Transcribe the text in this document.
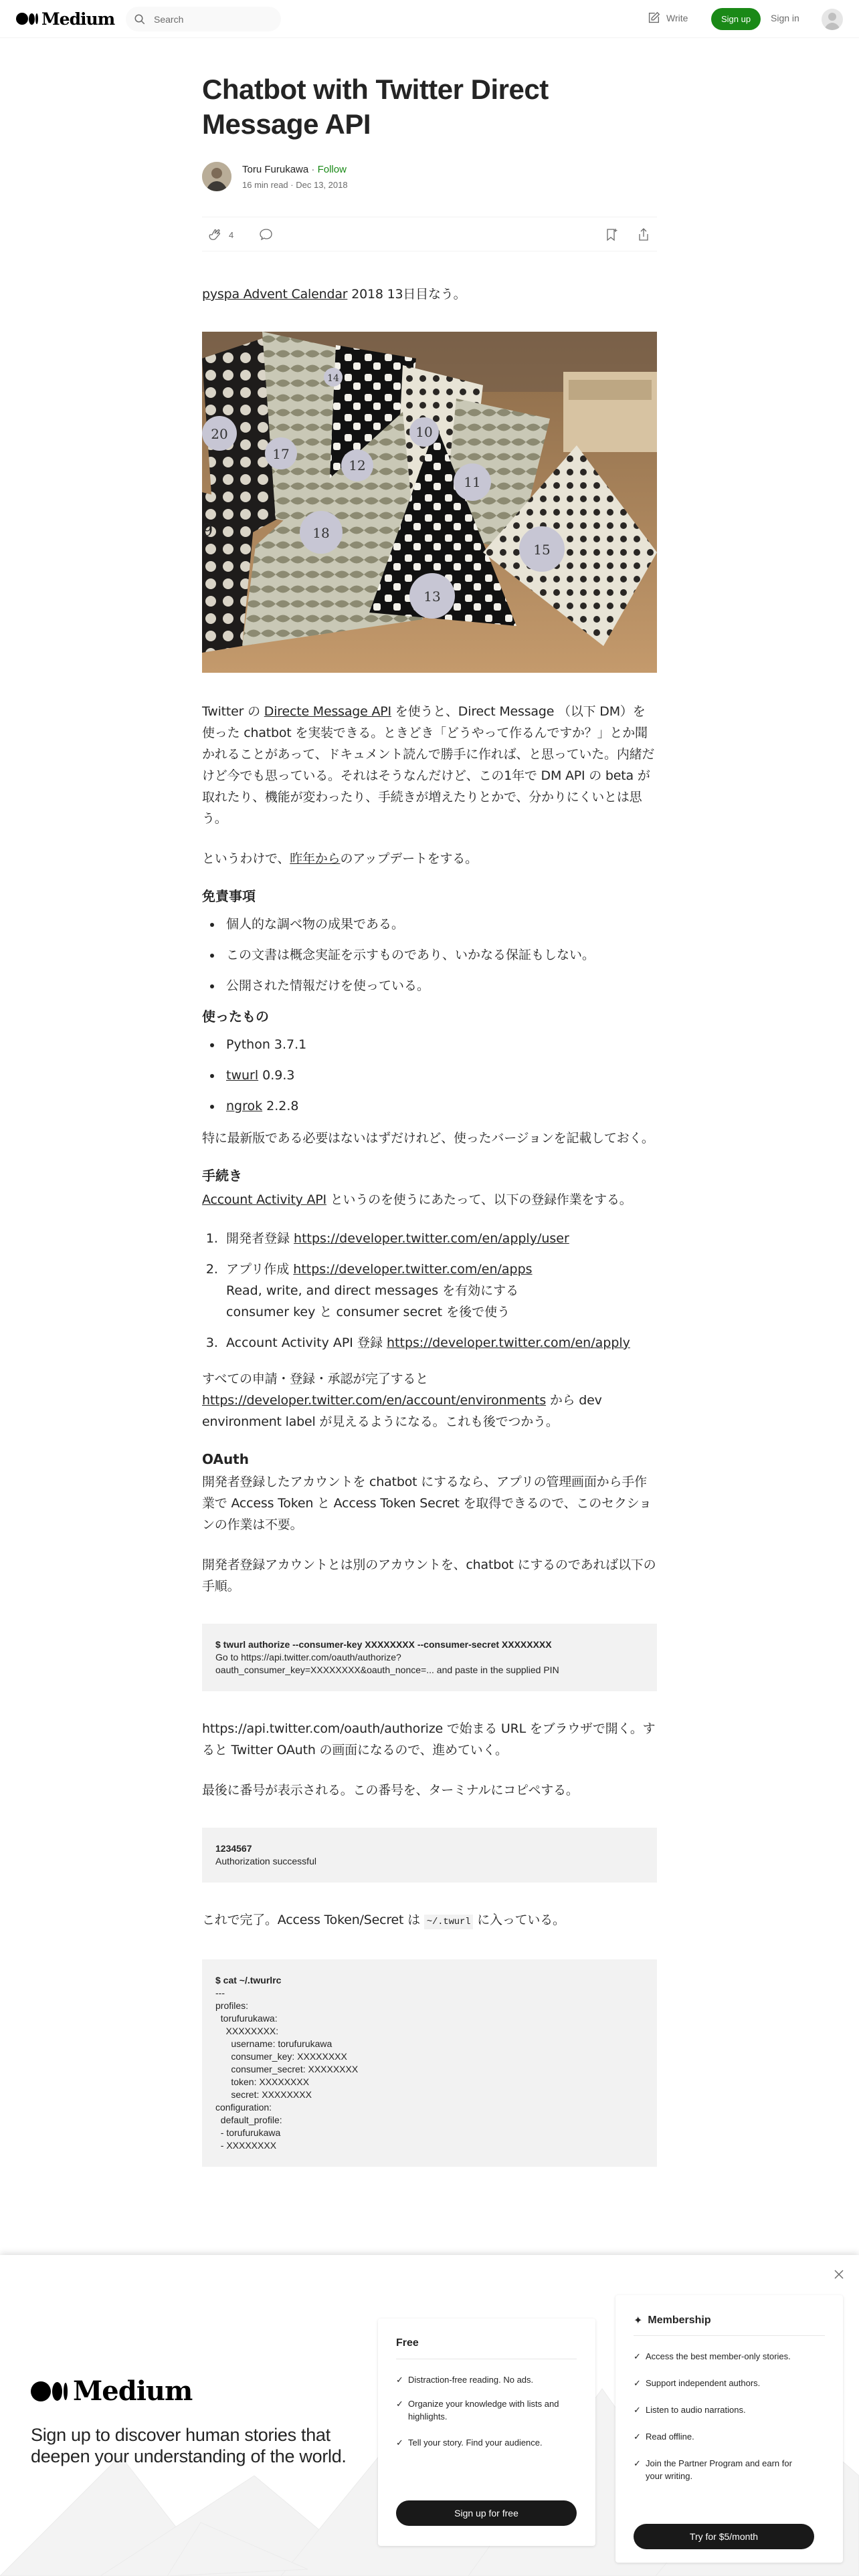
Medium
Search	Write	Sign up	Sign in
Chatbot with Twitter Direct Message API
Toru Furukawa · Follow
16 min read · Dec 13, 2018
4

pyspa Advent Calendar 2018 13日目なう。

20
17
12
10
11
18
15
13
14
9

Twitter の Directe Message API を使うと、Direct Message （以下 DM）を使った chatbot を実装できる。ときどき「どうやって作るんですか？」とか聞かれることがあって、ドキュメント読んで勝手に作れば、と思っていた。内緒だけど今でも思っている。それはそうなんだけど、この1年で DM API の beta が取れたり、機能が変わったり、手続きが増えたりとかで、分かりにくいとは思う。

というわけで、昨年からのアップデートをする。

免責事項
• 個人的な調べ物の成果である。
• この文書は概念実証を示すものであり、いかなる保証もしない。
• 公開された情報だけを使っている。
使ったもの
• Python 3.7.1
• twurl 0.9.3
• ngrok 2.2.8

特に最新版である必要はないはずだけれど、使ったバージョンを記載しておく。

手続き

Account Activity API というのを使うにあたって、以下の登録作業をする。

1. 開発者登録 https://developer.twitter.com/en/apply/user
2. アプリ作成 https://developer.twitter.com/en/apps
Read, write, and direct messages を有効にする
consumer key と consumer secret を後で使う
3. Account Activity API 登録 https://developer.twitter.com/en/apply

すべての申請・登録・承認が完了すると https://developer.twitter.com/en/account/environments から dev environment label が見えるようになる。これも後でつかう。

OAuth

開発者登録したアカウントを chatbot にするなら、アプリの管理画面から手作業で Access Token と Access Token Secret を取得できるので、このセクションの作業は不要。

開発者登録アカウントとは別のアカウントを、chatbot にするのであれば以下の手順。

$ twurl authorize --consumer-key XXXXXXXX --consumer-secret XXXXXXXX
Go to https://api.twitter.com/oauth/authorize?
oauth_consumer_key=XXXXXXXX&oauth_nonce=... and paste in the supplied PIN

https://api.twitter.com/oauth/authorize で始まる URL をブラウザで開く。すると Twitter OAuth の画面になるので、進めていく。

最後に番号が表示される。この番号を、ターミナルにコピペする。

1234567
Authorization successful

これで完了。Access Token/Secret は ~/.twurl に入っている。

$ cat ~/.twurlrc
---
profiles:
torufurukawa:
XXXXXXXX:
username: torufurukawa
consumer_key: XXXXXXXX
consumer_secret: XXXXXXXX
token: XXXXXXXX
secret: XXXXXXXX
configuration:
default_profile:
- torufurukawa
- XXXXXXXX
Medium
Sign up to discover human stories that deepen your understanding of the world.
Free
✓ Distraction-free reading. No ads.
✓ Organize your knowledge with lists and highlights.
✓ Tell your story. Find your audience.
Sign up for free
✦ Membership
✓ Access the best member-only stories.
✓ Support independent authors.
✓ Listen to audio narrations.
✓ Read offline.
✓ Join the Partner Program and earn for your writing.
Try for $5/month
